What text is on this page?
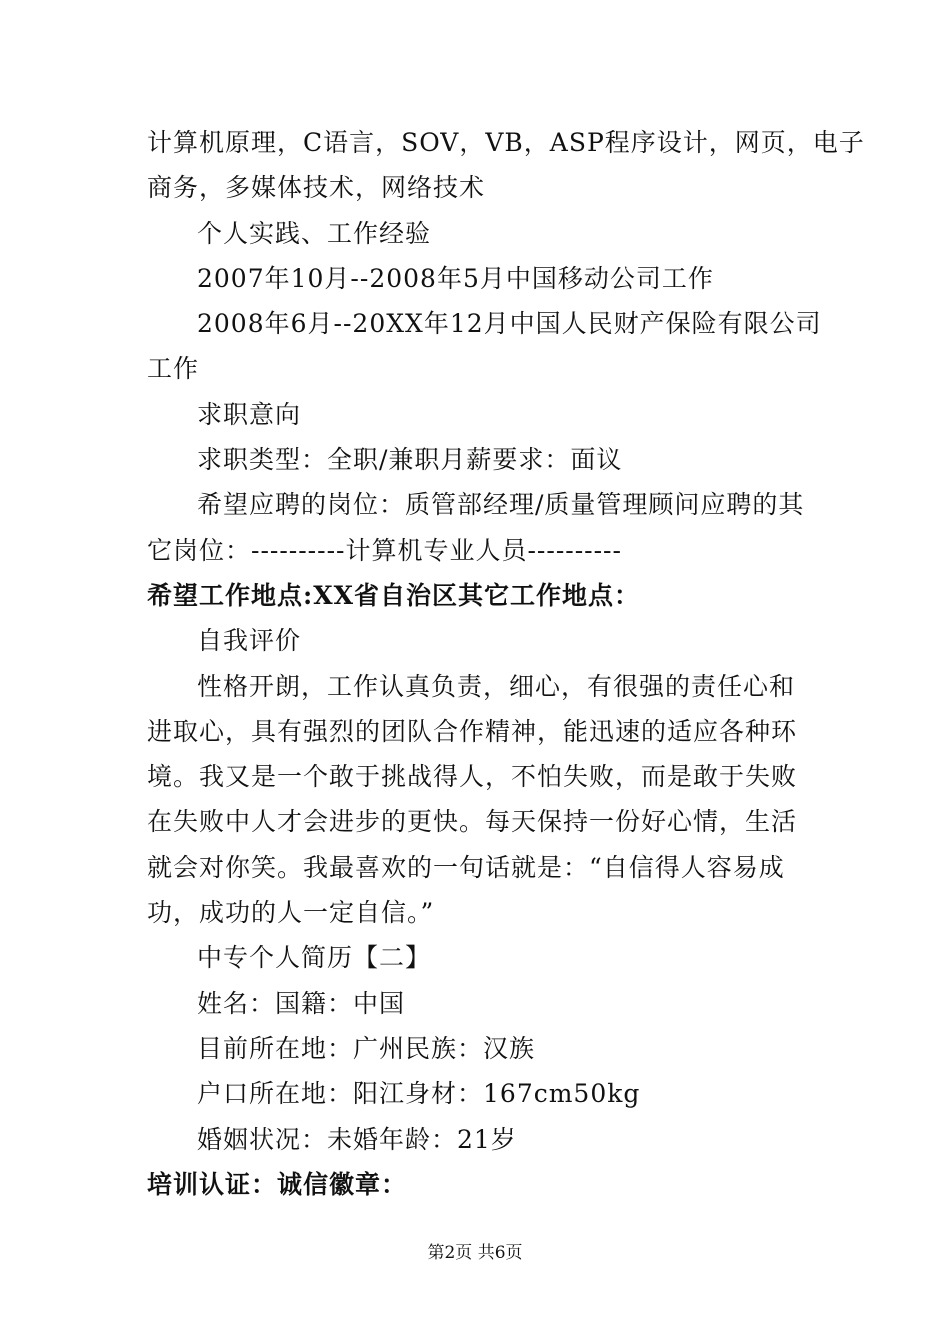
计算机原理，C语言，SOV，VB，ASP程序设计，网页，电子
商务，多媒体技术，网络技术
个人实践、工作经验
2007年10月--2008年5月中国移动公司工作
2008年6月--20XX年12月中国人民财产保险有限公司
工作
求职意向
求职类型：全职/兼职月薪要求：面议
希望应聘的岗位：质管部经理/质量管理顾问应聘的其
它岗位：----------计算机专业人员----------
希望工作地点:XX省自治区其它工作地点：
自我评价
性格开朗，工作认真负责，细心，有很强的责任心和
进取心，具有强烈的团队合作精神，能迅速的适应各种环
境。我又是一个敢于挑战得人，不怕失败，而是敢于失败
在失败中人才会进步的更快。每天保持一份好心情，生活
就会对你笑。我最喜欢的一句话就是：“自信得人容易成
功，成功的人一定自信。”
中专个人简历【二】
姓名：国籍：中国
目前所在地：广州民族：汉族
户口所在地：阳江身材：167cm50kg
婚姻状况：未婚年龄：21岁
培训认证：诚信徽章：
第2页 共6页
